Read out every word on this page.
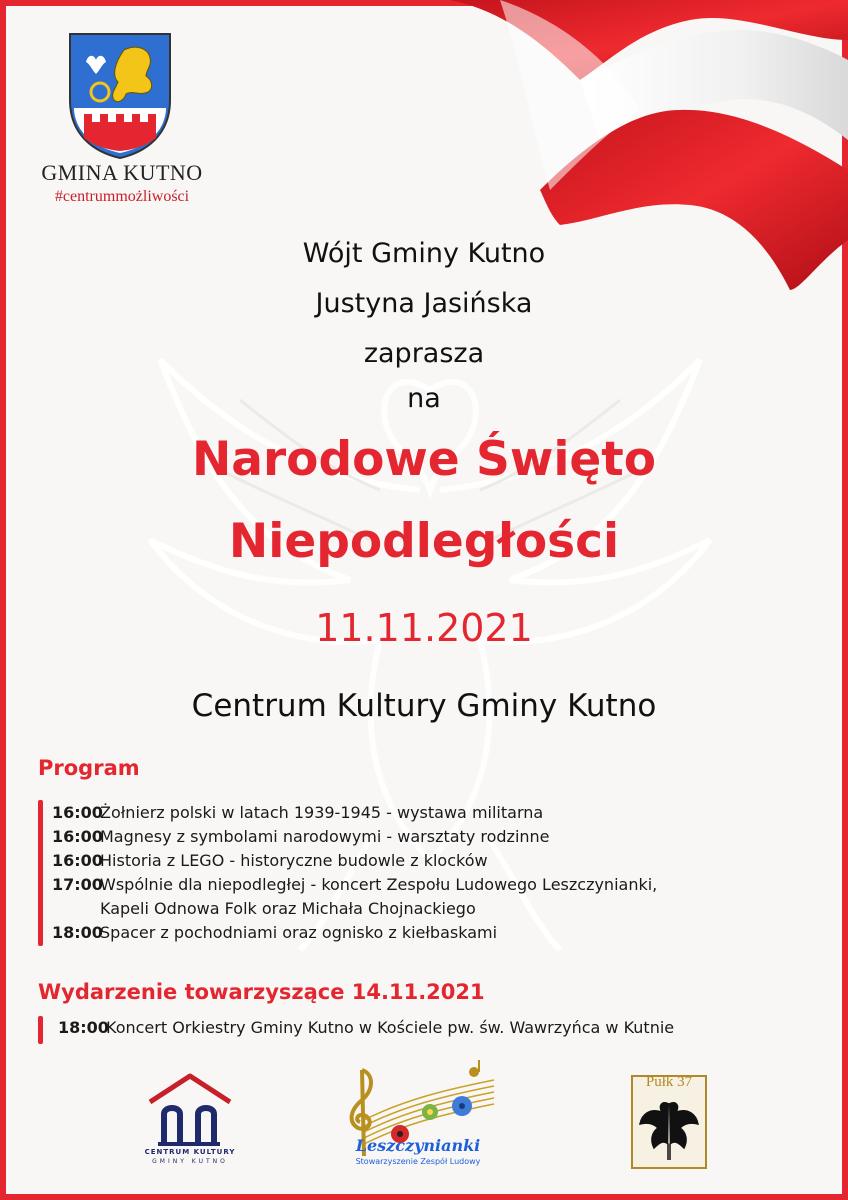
GMINA KUTNO
#centrummożliwości
Wójt Gminy Kutno
Justyna Jasińska
zaprasza
na
Narodowe Święto
Niepodległości
11.11.2021
Centrum Kultury Gminy Kutno
Program
16:00Żołnierz polski w latach 1939-1945 - wystawa militarna
16:00Magnesy z symbolami narodowymi - warsztaty rodzinne
16:00Historia z LEGO - historyczne budowle z klocków
17:00Wspólnie dla niepodległej - koncert Zespołu Ludowego Leszczynianki,
Kapeli Odnowa Folk oraz Michała Chojnackiego
18:00Spacer z pochodniami oraz ognisko z kiełbaskami
Wydarzenie towarzyszące 14.11.2021
18:00Koncert Orkiestry Gminy Kutno w Kościele pw. św. Wawrzyńca w Kutnie
CENTRUM KULTURY
GMINY KUTNO
Leszczynianki
Stowarzyszenie Zespół Ludowy
Pułk 37
